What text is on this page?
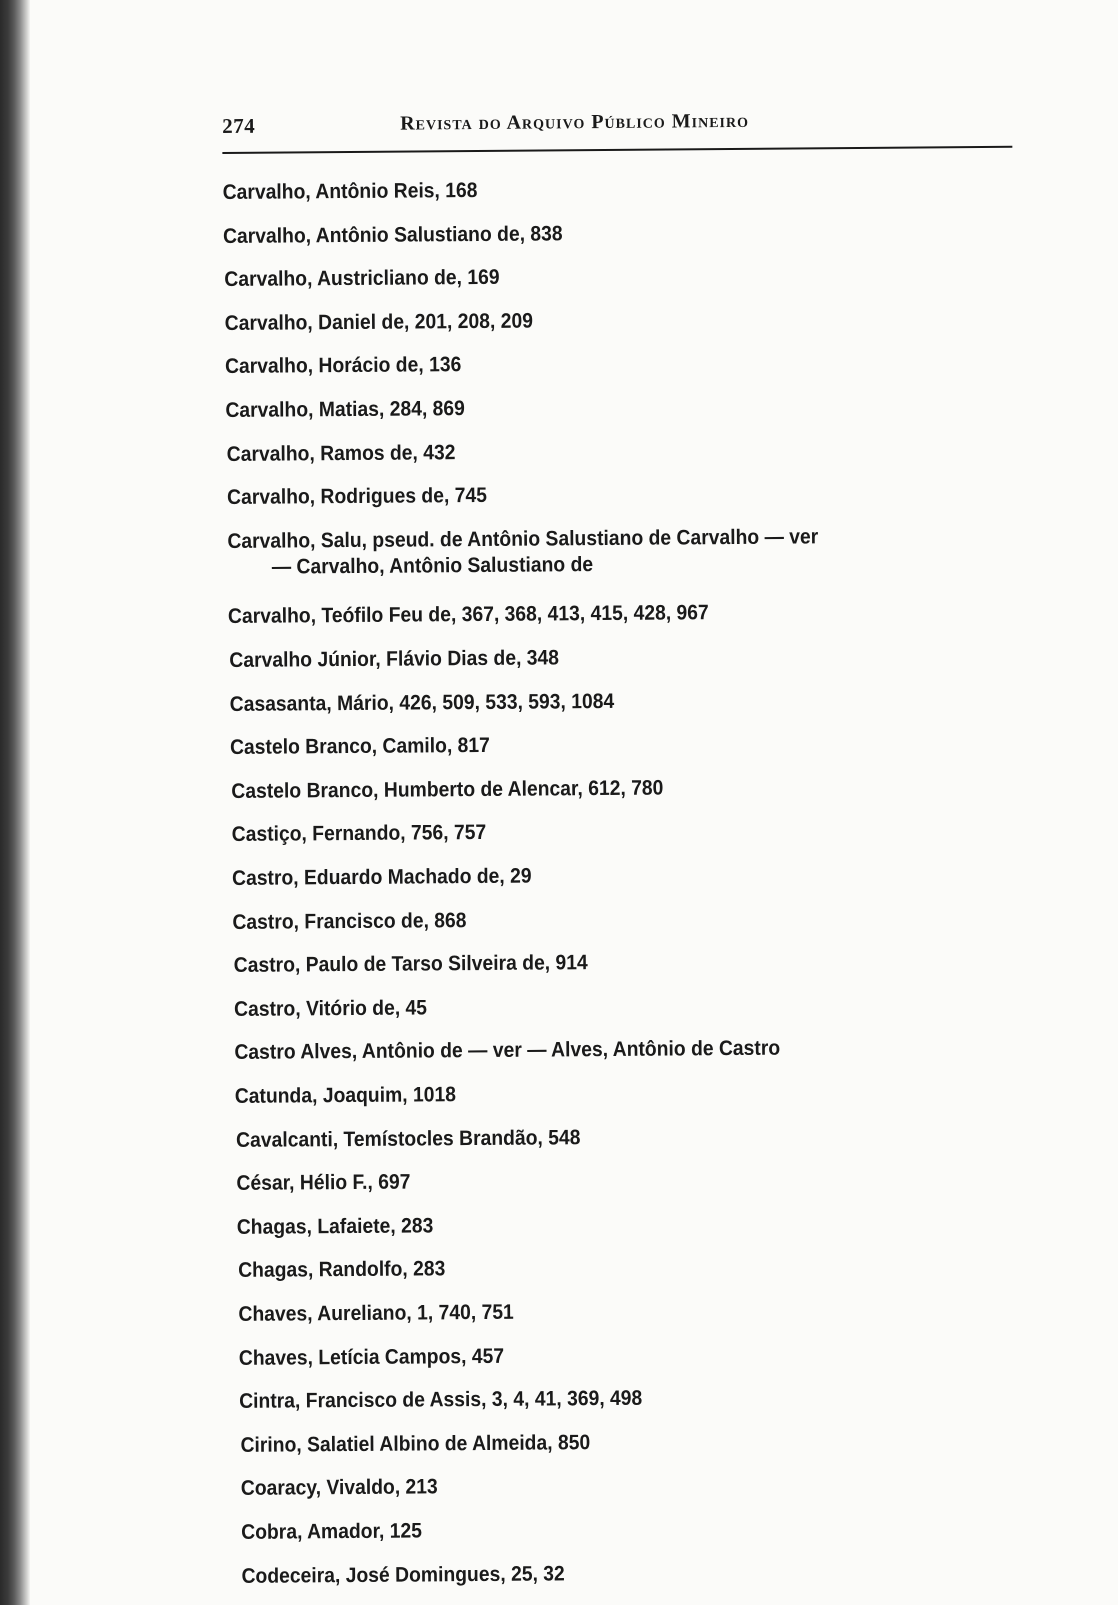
274	Revista do Arquivo Público Mineiro
Carvalho, Antônio Reis, 168
Carvalho, Antônio Salustiano de, 838
Carvalho, Austricliano de, 169
Carvalho, Daniel de, 201, 208, 209
Carvalho, Horácio de, 136
Carvalho, Matias, 284, 869
Carvalho, Ramos de, 432
Carvalho, Rodrigues de, 745
Carvalho, Salu, pseud. de Antônio Salustiano de Carvalho — ver
— Carvalho, Antônio Salustiano de
Carvalho, Teófilo Feu de, 367, 368, 413, 415, 428, 967
Carvalho Júnior, Flávio Dias de, 348
Casasanta, Mário, 426, 509, 533, 593, 1084
Castelo Branco, Camilo, 817
Castelo Branco, Humberto de Alencar, 612, 780
Castiço, Fernando, 756, 757
Castro, Eduardo Machado de, 29
Castro, Francisco de, 868
Castro, Paulo de Tarso Silveira de, 914
Castro, Vitório de, 45
Castro Alves, Antônio de — ver — Alves, Antônio de Castro
Catunda, Joaquim, 1018
Cavalcanti, Temístocles Brandão, 548
César, Hélio F., 697
Chagas, Lafaiete, 283
Chagas, Randolfo, 283
Chaves, Aureliano, 1, 740, 751
Chaves, Letícia Campos, 457
Cintra, Francisco de Assis, 3, 4, 41, 369, 498
Cirino, Salatiel Albino de Almeida, 850
Coaracy, Vivaldo, 213
Cobra, Amador, 125
Codeceira, José Domingues, 25, 32
